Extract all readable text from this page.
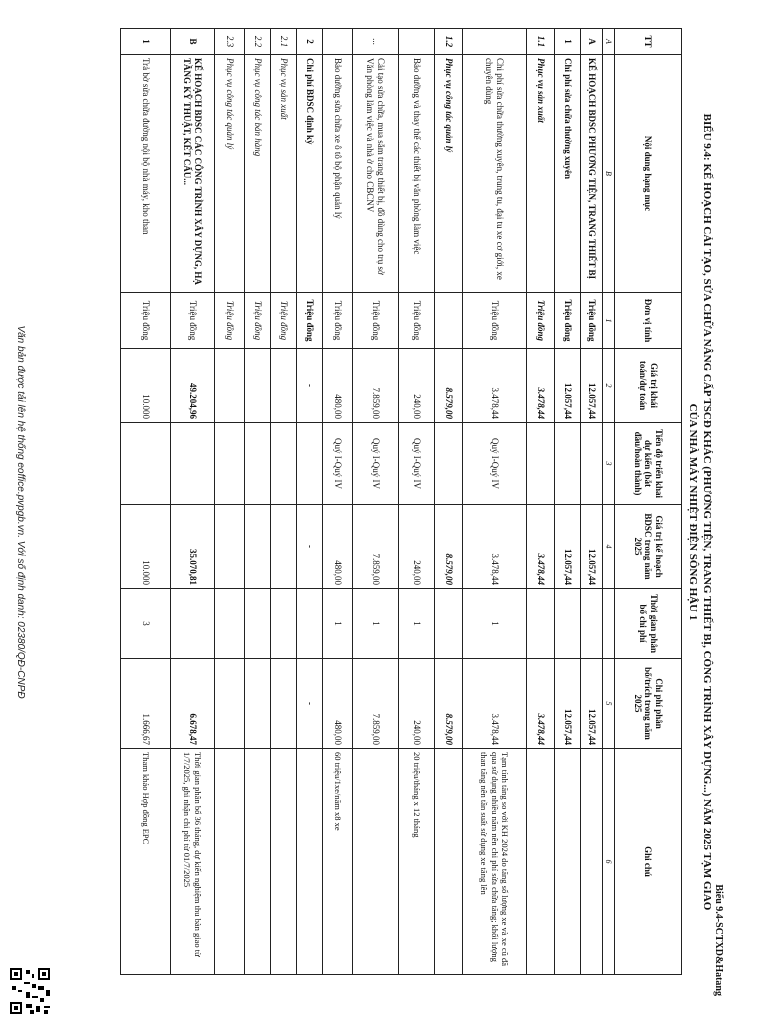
Biểu 9.4-SCTXD&Hatang
BIỂU 9.4: KẾ HOẠCH CẢI TẠO, SỬA CHỮA NÂNG CẤP TSCĐ KHÁC (PHƯƠNG TIỆN, TRANG THIẾT BỊ, CÔNG TRÌNH XÂY DỰNG...) NĂM 2025 TẠM GIAO
CỦA NHÀ MÁY NHIỆT ĐIỆN SÔNG HẬU 1
TT	Nội dung hạng mục	Đơn vị tính	Giá trị khái toán/dự toán	Tiến độ triển khai dự kiến (bắt đầu/hoàn thành)	Giá trị kế hoạch BDSC trong năm 2025	Thời gian phân bổ chi phí	Chi phí phân bổ/trích trong năm 2025	Ghi chú
A	B	1	2	3	4		5	6
A	KẾ HOẠCH BDSC PHƯƠNG TIỆN, TRANG THIẾT BỊ	Triệu đồng	12.057,44		12.057,44		12.057,44	
1	Chi phí sửa chữa thường xuyên	Triệu đồng	12.057,44		12.057,44		12.057,44	
1.1	Phục vụ sản xuất	Triệu đồng	3.478,44		3.478,44		3.478,44	
	Chi phí sửa chữa thường xuyên, trung tu, đại tu xe cơ giới, xe chuyên dùng	Triệu đồng	3.478,44	Quý I-Quý IV	3.478,44	1	3.478,44	Tạm tính tăng so với KH 2024 do tăng số lượng xe và xe cũ đã qua sử dụng nhiều năm nên chi phí sửa chữa tăng; khối lượng than tăng nên tần suất sử dụng xe tăng lên
1.2	Phục vụ công tác quản lý		8.579,00		8.579,00		8.579,00	
	Bảo dưỡng và thay thế các thiết bị văn phòng làm việc	Triệu đồng	240,00	Quý I-Quý IV	240,00	1	240,00	20 triệu/tháng x 12 tháng
...	Cải tạo sửa chữa, mua sắm trang thiết bị, đồ dùng cho trụ sở Văn phòng làm việc và nhà ở cho CBCNV	Triệu đồng	7.859,00	Quý I-Quý IV	7.859,00	1	7.859,00	
	Bảo dưỡng sửa chữa xe ô tô bộ phận quản lý	Triệu đồng	480,00	Quý I-Quý IV	480,00	1	480,00	60 triệu/1xe/năm x8 xe
2	Chi phí BDSC định kỳ	Triệu đồng	-		-		-	
2.1	Phục vụ sản xuất	Triệu đồng						
2.2	Phục vụ công tác bán hàng	Triệu đồng						
2.3	Phục vụ công tác quản lý	Triệu đồng						
B	KẾ HOẠCH BDSC CÁC CÔNG TRÌNH XÂY DỰNG, HẠ TẦNG KỸ THUẬT, KẾT CẤU...	Triệu đồng	49.204,96		35.070,81		6.678,47	Thời gian phân bổ 36 tháng, dự kiến nghiệm thu bàn giao từ 1/7/2025, ghi nhận chi phí từ 01/7/2025
1	Trả bờ sửa chữa đường nội bộ nhà máy, kho than	Triệu đồng	10.000		10.000	3	1.666,67	Tham khảo Hợp đồng EPC
Văn bản được tải lên hệ thống eoffice.pvpgb.vn. Với số định danh: 02380/QĐ-CNPĐ
